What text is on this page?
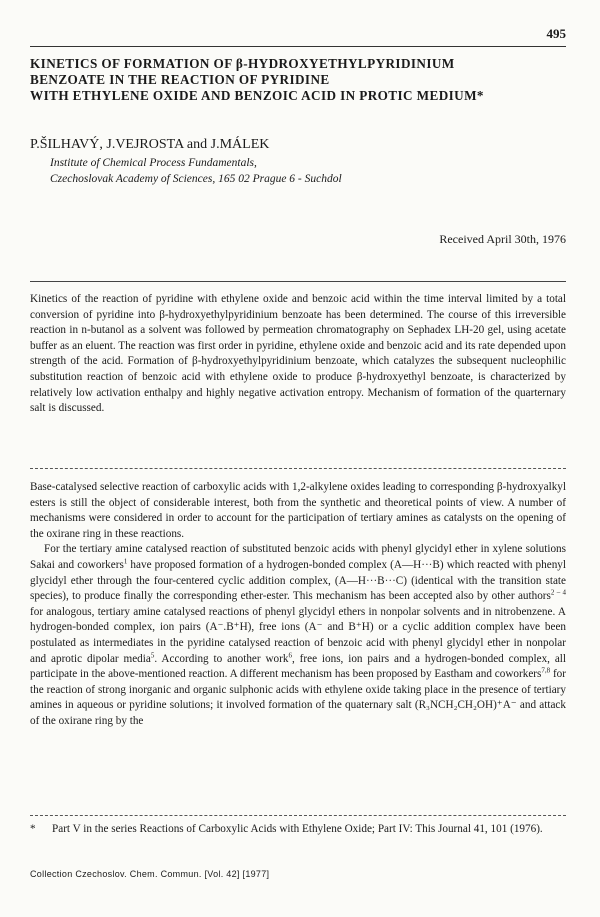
495
KINETICS OF FORMATION OF β-HYDROXYETHYLPYRIDINIUM
BENZOATE IN THE REACTION OF PYRIDINE
WITH ETHYLENE OXIDE AND BENZOIC ACID IN PROTIC MEDIUM*
P.ŠILHAVÝ, J.VEJROSTA and J.MÁLEK
Institute of Chemical Process Fundamentals,
Czechoslovak Academy of Sciences, 165 02 Prague 6 - Suchdol
Received April 30th, 1976
Kinetics of the reaction of pyridine with ethylene oxide and benzoic acid within the time interval limited by a total conversion of pyridine into β-hydroxyethylpyridinium benzoate has been determined. The course of this irreversible reaction in n-butanol as a solvent was followed by permeation chromatography on Sephadex LH-20 gel, using acetate buffer as an eluent. The reaction was first order in pyridine, ethylene oxide and benzoic acid and its rate depended upon strength of the acid. Formation of β-hydroxyethylpyridinium benzoate, which catalyzes the subsequent nucleophilic substitution reaction of benzoic acid with ethylene oxide to produce β-hydroxyethyl benzoate, is characterized by relatively low activation enthalpy and highly negative activation entropy. Mechanism of formation of the quarternary salt is discussed.

Base-catalysed selective reaction of carboxylic acids with 1,2-alkylene oxides leading to corresponding β-hydroxyalkyl esters is still the object of considerable interest, both from the synthetic and theoretical points of view. A number of mechanisms were considered in order to account for the participation of tertiary amines as catalysts on the opening of the oxirane ring in these reactions.

For the tertiary amine catalysed reaction of substituted benzoic acids with phenyl glycidyl ether in xylene solutions Sakai and coworkers$^1$ have proposed formation of a hydrogen-bonded complex (A—H···B) which reacted with phenyl glycidyl ether through the four-centered cyclic addition complex, (A—H···B···C) (identical with the transition state species), to produce finally the corresponding ether-ester. This mechanism has been accepted also by other authors$^{2 - 4}$ for analogous, tertiary amine catalysed reactions of phenyl glycidyl ethers in nonpolar solvents and in nitrobenzene. A hydrogen-bonded complex, ion pairs (A⁻.B⁺H), free ions (A⁻ and B⁺H) or a cyclic addition complex have been postulated as intermediates in the pyridine catalysed reaction of benzoic acid with phenyl glycidyl ether in nonpolar and aprotic dipolar media$^5$. According to another work$^6$, free ions, ion pairs and a hydrogen-bonded complex, all participate in the above-mentioned reaction. A different mechanism has been proposed by Eastham and coworkers$^{7,8}$ for the reaction of strong inorganic and organic sulphonic acids with ethylene oxide taking place in the presence of tertiary amines in aqueous or pyridine solutions; it involved formation of the quaternary salt (R₃NCH₂CH₂OH)⁺A⁻ and attack of the oxirane ring by the

* Part V in the series Reactions of Carboxylic Acids with Ethylene Oxide; Part IV: This Journal 41, 101 (1976).
Collection Czechoslov. Chem. Commun. [Vol. 42] [1977]
